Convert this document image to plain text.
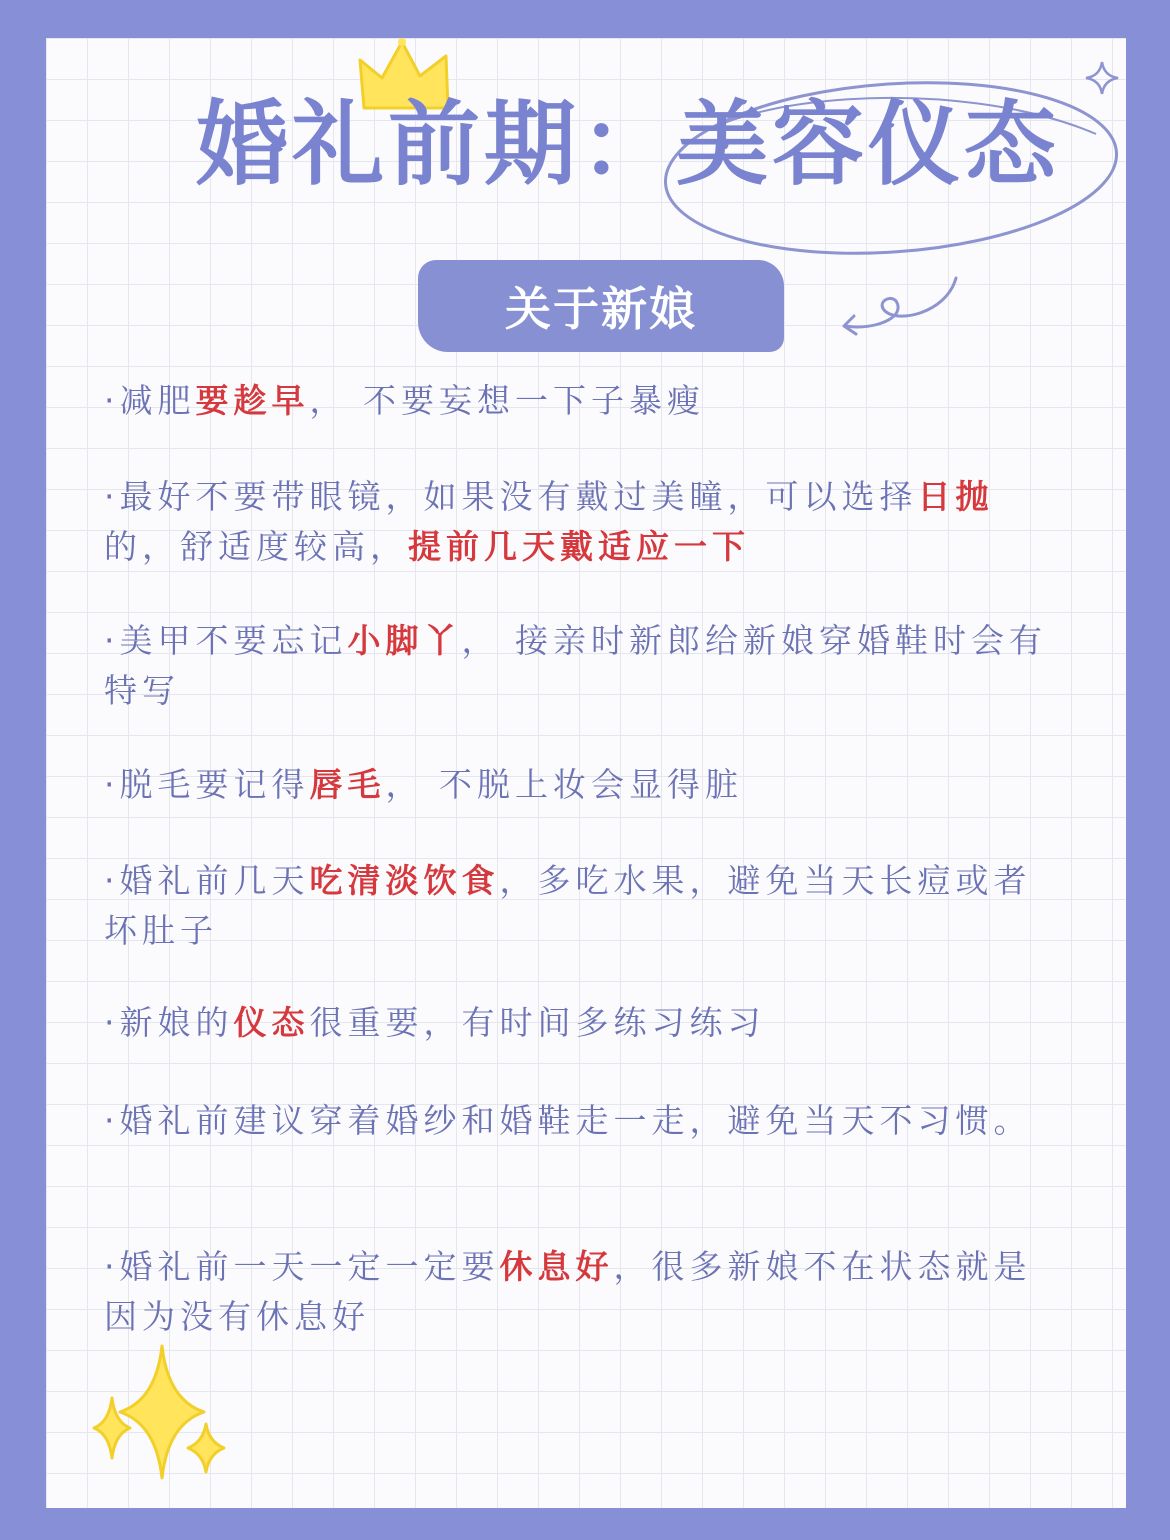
婚礼前期：美容仪态
关于新娘
·减肥要趁早， 不要妄想一下子暴瘦
·最好不要带眼镜，如果没有戴过美瞳，可以选择日抛的，舒适度较高，提前几天戴适应一下
·美甲不要忘记小脚丫， 接亲时新郎给新娘穿婚鞋时会有特写
·脱毛要记得唇毛， 不脱上妆会显得脏
·婚礼前几天吃清淡饮食，多吃水果，避免当天长痘或者坏肚子
·新娘的仪态很重要，有时间多练习练习
·婚礼前建议穿着婚纱和婚鞋走一走，避免当天不习惯。
·婚礼前一天一定一定要休息好，很多新娘不在状态就是因为没有休息好
